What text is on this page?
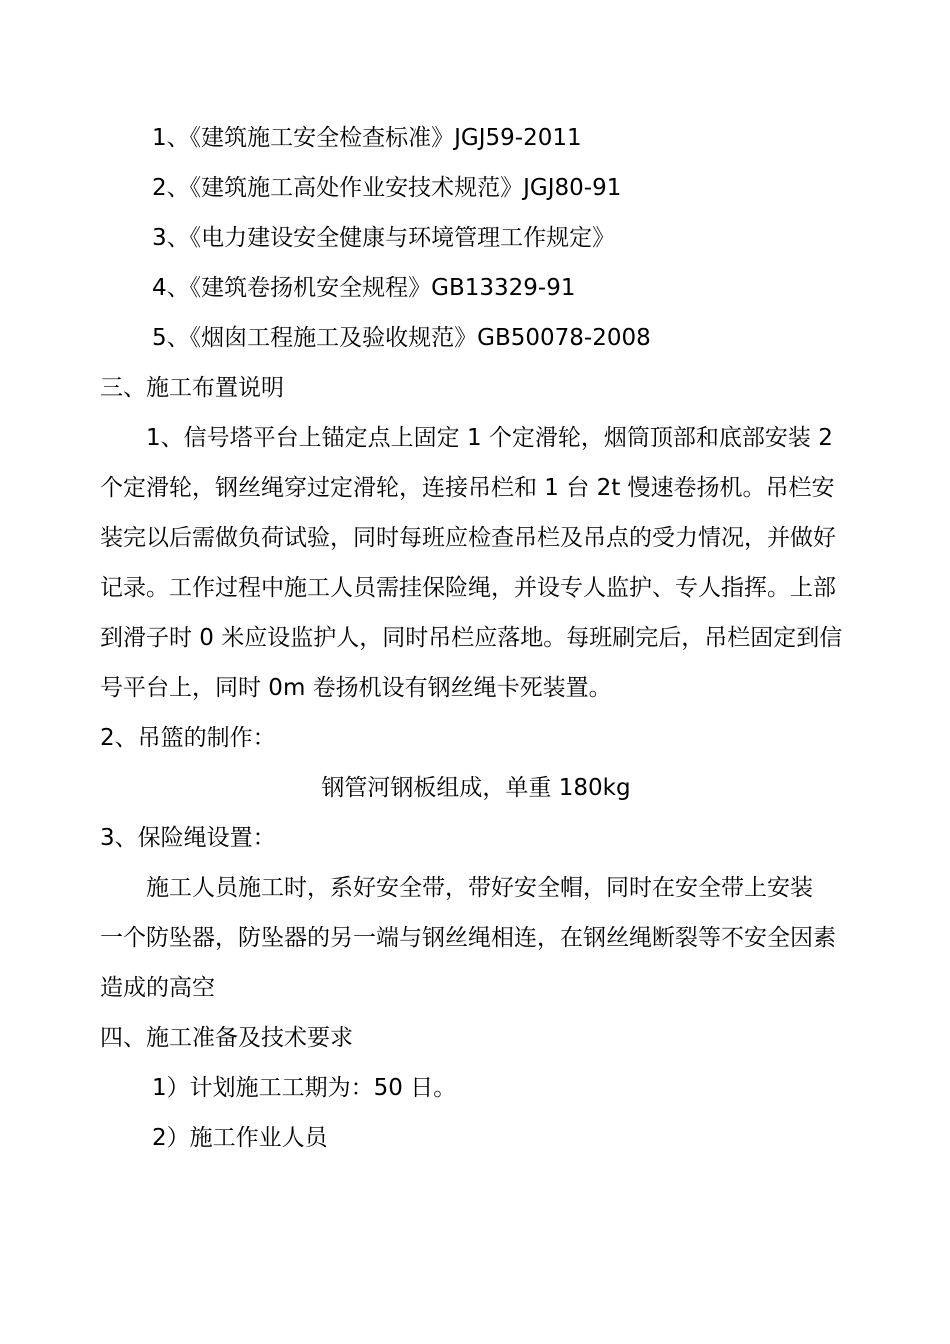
1、《建筑施工安全检查标准》JGJ59-2011
2、《建筑施工高处作业安技术规范》JGJ80-91
3、《电力建设安全健康与环境管理工作规定》
4、《建筑卷扬机安全规程》GB13329-91
5、《烟囱工程施工及验收规范》GB50078-2008
三、施工布置说明
　　1、信号塔平台上锚定点上固定 1 个定滑轮，烟筒顶部和底部安装 2
个定滑轮，钢丝绳穿过定滑轮，连接吊栏和 1 台 2t 慢速卷扬机。吊栏安
装完以后需做负荷试验，同时每班应检查吊栏及吊点的受力情况，并做好
记录。工作过程中施工人员需挂保险绳，并设专人监护、专人指挥。上部
到滑子时 0 米应设监护人，同时吊栏应落地。每班刷完后，吊栏固定到信
号平台上，同时 0m 卷扬机设有钢丝绳卡死装置。
2、吊篮的制作：
钢管河钢板组成，单重 180kg
3、保险绳设置：
　　施工人员施工时，系好安全带，带好安全帽，同时在安全带上安装
一个防坠器，防坠器的另一端与钢丝绳相连，在钢丝绳断裂等不安全因素
造成的高空
四、施工准备及技术要求
1）计划施工工期为：50 日。
2）施工作业人员
